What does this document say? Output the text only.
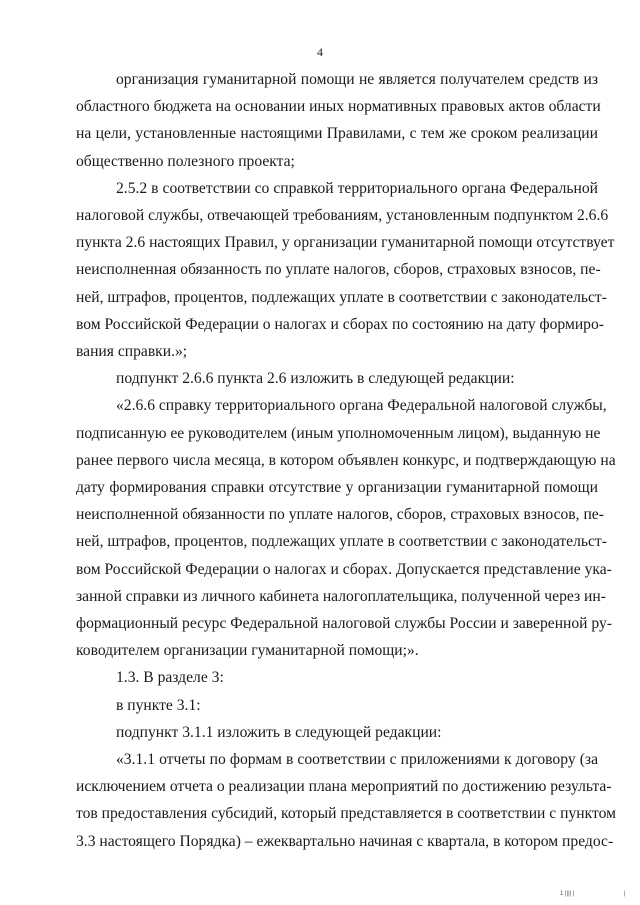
4
организация гуманитарной помощи не является получателем средств из
областного бюджета на основании иных нормативных правовых актов области
на цели, установленные настоящими Правилами, с тем же сроком реализации
общественно полезного проекта;
2.5.2 в соответствии со справкой территориального органа Федеральной
налоговой службы, отвечающей требованиям, установленным подпунктом 2.6.6
пункта 2.6 настоящих Правил, у организации гуманитарной помощи отсутствует
неисполненная обязанность по уплате налогов, сборов, страховых взносов, пе-
ней, штрафов, процентов, подлежащих уплате в соответствии с законодательст-
вом Российской Федерации о налогах и сборах по состоянию на дату формиро-
вания справки.»;
подпункт 2.6.6 пункта 2.6 изложить в следующей редакции:
«2.6.6 справку территориального органа Федеральной налоговой службы,
подписанную ее руководителем (иным уполномоченным лицом), выданную не
ранее первого числа месяца, в котором объявлен конкурс, и подтверждающую на
дату формирования справки отсутствие у организации гуманитарной помощи
неисполненной обязанности по уплате налогов, сборов, страховых взносов, пе-
ней, штрафов, процентов, подлежащих уплате в соответствии с законодательст-
вом Российской Федерации о налогах и сборах. Допускается представление ука-
занной справки из личного кабинета налогоплательщика, полученной через ин-
формационный ресурс Федеральной налоговой службы России и заверенной ру-
ководителем организации гуманитарной помощи;».
1.3. В разделе 3:
в пункте 3.1:
подпункт 3.1.1 изложить в следующей редакции:
«3.1.1 отчеты по формам в соответствии с приложениями к договору (за
исключением отчета о реализации плана мероприятий по достижению результа-
тов предоставления субсидий, который представляется в соответствии с пунктом
3.3 настоящего Порядка) – ежеквартально начиная с квартала, в котором предос-
1 |||| |	|
